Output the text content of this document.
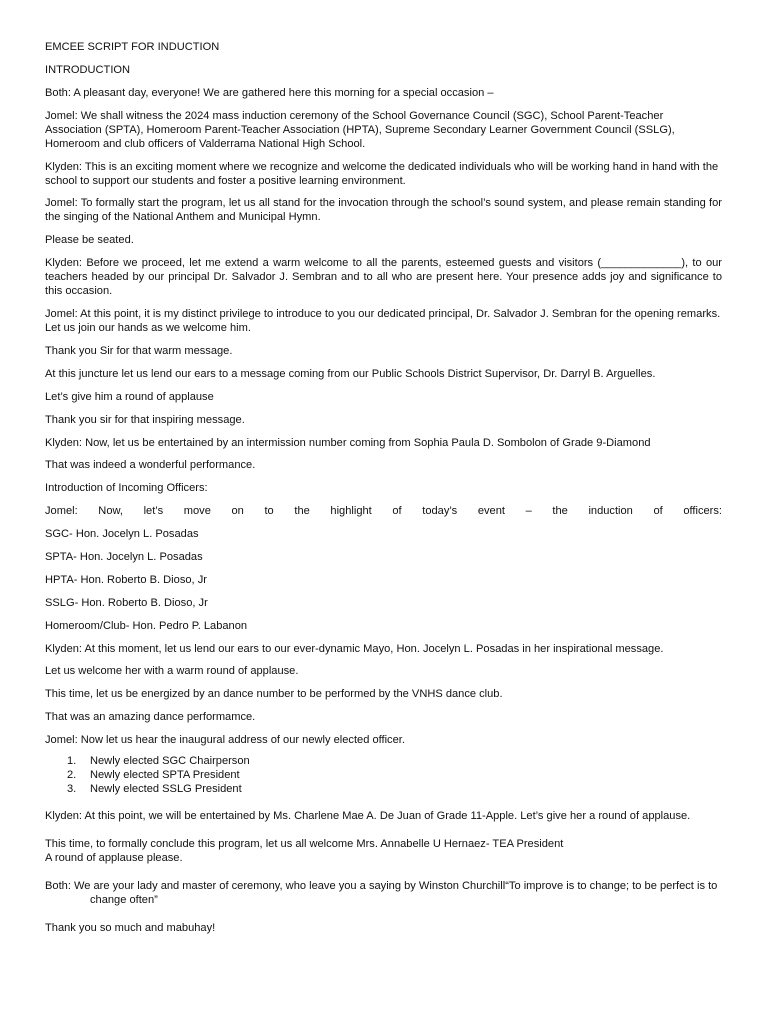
EMCEE SCRIPT FOR INDUCTION

INTRODUCTION

Both: A pleasant day, everyone! We are gathered here this morning for a special occasion –

Jomel: We shall witness the 2024 mass induction ceremony of the School Governance Council (SGC), School Parent-Teacher Association (SPTA), Homeroom Parent-Teacher Association (HPTA), Supreme Secondary Learner Government Council (SSLG), Homeroom and club officers of Valderrama National High School.

Klyden: This is an exciting moment where we recognize and welcome the dedicated individuals who will be working hand in hand with the school to support our students and foster a positive learning environment.

Jomel: To formally start the program, let us all stand for the invocation through the school’s sound system, and please remain standing for the singing of the National Anthem and Municipal Hymn.

Please be seated.

Klyden: Before we proceed, let me extend a warm welcome to all the parents, esteemed guests and visitors (_____________), to our teachers headed by our principal Dr. Salvador J. Sembran and to all who are present here. Your presence adds joy and significance to this occasion.

Jomel: At this point, it is my distinct privilege to introduce to you our dedicated principal, Dr. Salvador J. Sembran for the opening remarks. Let us join our hands as we welcome him.

Thank you Sir for that warm message.

At this juncture let us lend our ears to a message coming from our Public Schools District Supervisor, Dr. Darryl B. Arguelles.

Let’s give him a round of applause

Thank you sir for that inspiring message.

Klyden: Now, let us be entertained by an intermission number coming from Sophia Paula D. Sombolon of Grade 9-Diamond

That was indeed a wonderful performance.

Introduction of Incoming Officers:

Jomel: Now, let’s move on to the highlight of today’s event – the induction of officers:

SGC- Hon. Jocelyn L. Posadas

SPTA- Hon. Jocelyn L. Posadas

HPTA- Hon. Roberto B. Dioso, Jr

SSLG- Hon. Roberto B. Dioso, Jr

Homeroom/Club- Hon. Pedro P. Labanon

Klyden: At this moment, let us lend our ears to our ever-dynamic Mayo, Hon. Jocelyn L. Posadas in her inspirational message.

Let us welcome her with a warm round of applause.

This time, let us be energized by an dance number to be performed by the VNHS dance club.

That was an amazing dance performamce.

Jomel: Now let us hear the inaugural address of our newly elected officer.

1.	Newly elected SGC Chairperson
2.	Newly elected SPTA President
3.	Newly elected SSLG President

Klyden: At this point, we will be entertained by Ms. Charlene Mae A. De Juan of Grade 11-Apple. Let’s give her a round of applause.

This time, to formally conclude this program, let us all welcome Mrs. Annabelle U Hernaez- TEA President

A round of applause please.

Both: We are your lady and master of ceremony, who leave you a saying by Winston Churchill“To improve is to change; to be perfect is to change often”

Thank you so much and mabuhay!
